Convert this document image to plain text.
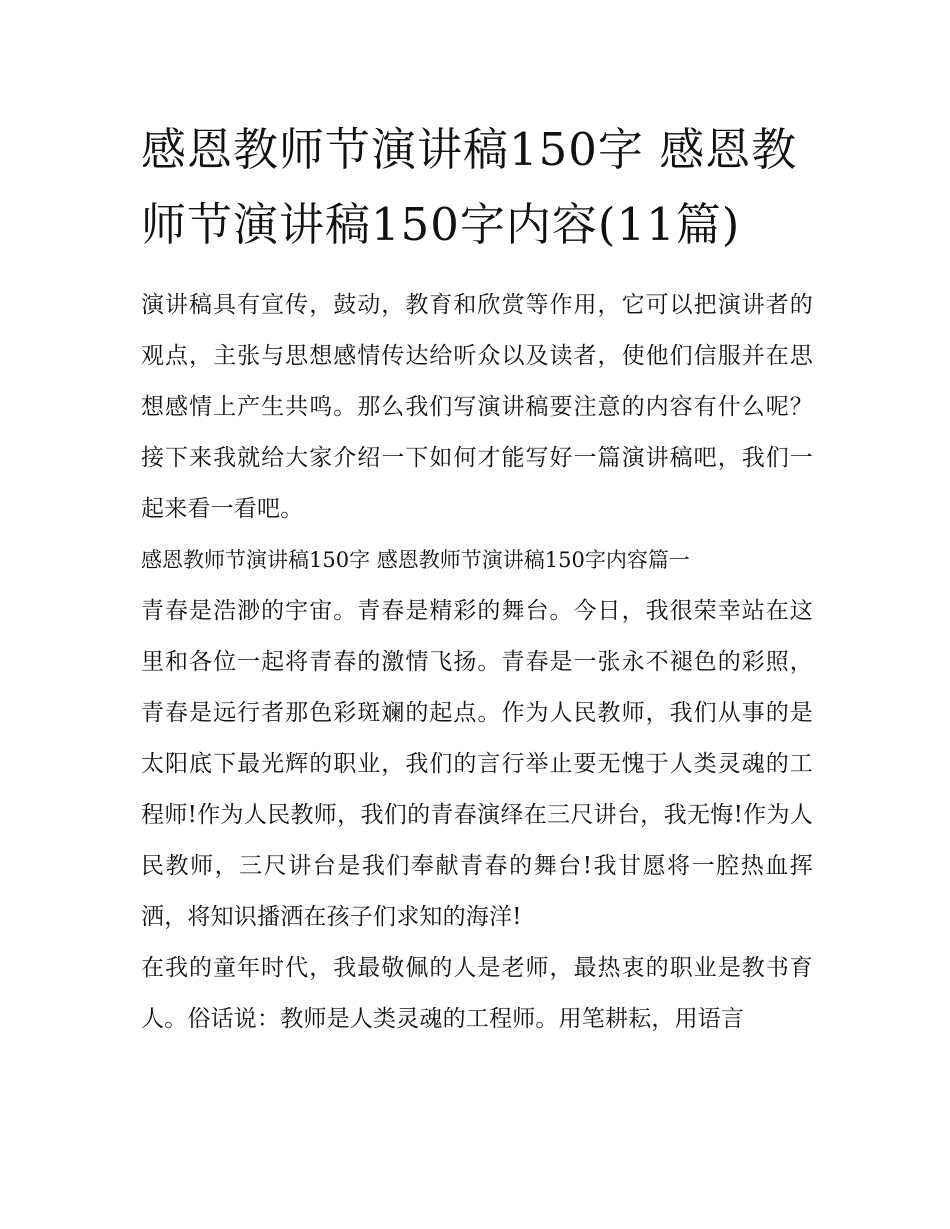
感恩教师节演讲稿150字 感恩教师节演讲稿150字内容(11篇)

演讲稿具有宣传，鼓动，教育和欣赏等作用，它可以把演讲者的观点，主张与思想感情传达给听众以及读者，使他们信服并在思想感情上产生共鸣。那么我们写演讲稿要注意的内容有什么呢？接下来我就给大家介绍一下如何才能写好一篇演讲稿吧，我们一起来看一看吧。

感恩教师节演讲稿150字 感恩教师节演讲稿150字内容篇一

青春是浩渺的宇宙。青春是精彩的舞台。今日，我很荣幸站在这里和各位一起将青春的激情飞扬。青春是一张永不褪色的彩照，青春是远行者那色彩斑斓的起点。作为人民教师，我们从事的是太阳底下最光辉的职业，我们的言行举止要无愧于人类灵魂的工程师!作为人民教师，我们的青春演绎在三尺讲台，我无悔!作为人民教师，三尺讲台是我们奉献青春的舞台!我甘愿将一腔热血挥洒，将知识播洒在孩子们求知的海洋!

在我的童年时代，我最敬佩的人是老师，最热衷的职业是教书育人。俗话说：教师是人类灵魂的工程师。用笔耕耘，用语言
